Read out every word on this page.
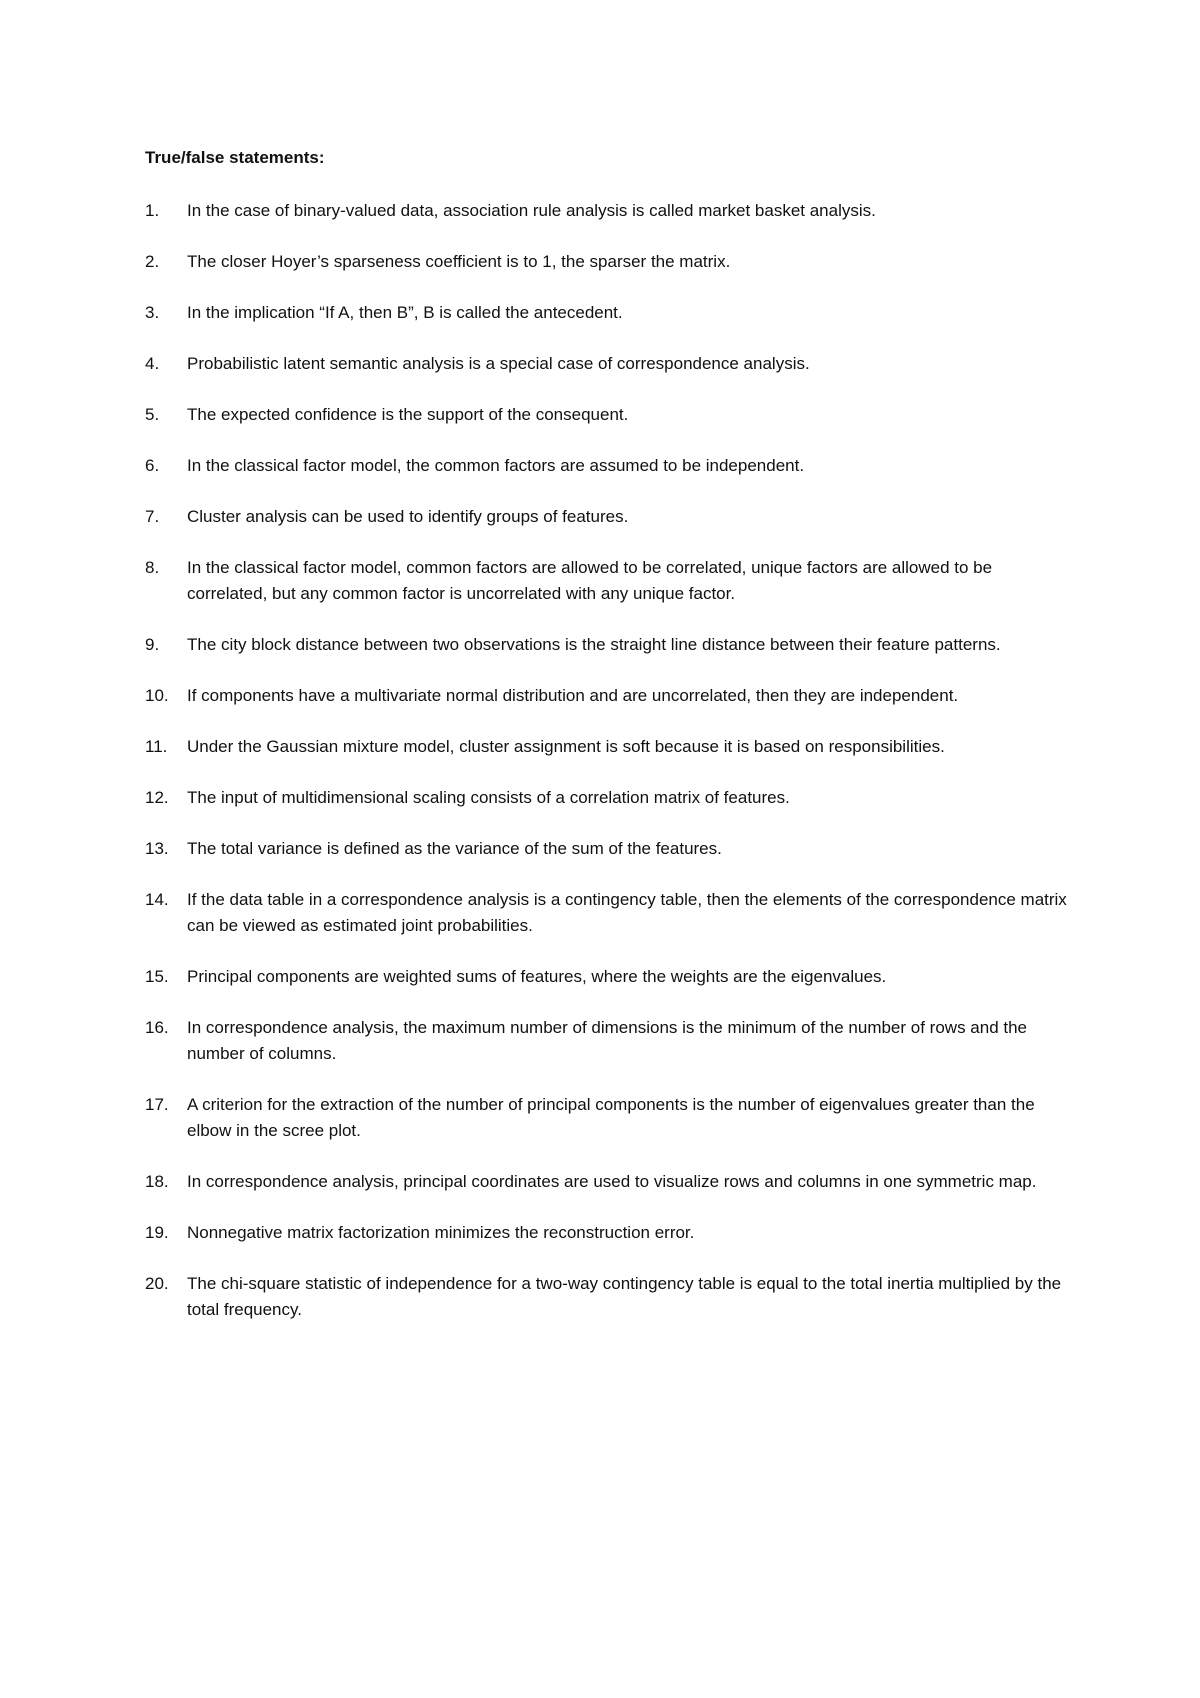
True/false statements:

1.	In the case of binary-valued data, association rule analysis is called market basket analysis.
2.	The closer Hoyer’s sparseness coefficient is to 1, the sparser the matrix.
3.	In the implication “If A, then B”, B is called the antecedent.
4.	Probabilistic latent semantic analysis is a special case of correspondence analysis.
5.	The expected confidence is the support of the consequent.
6.	In the classical factor model, the common factors are assumed to be independent.
7.	Cluster analysis can be used to identify groups of features.
8.	In the classical factor model, common factors are allowed to be correlated, unique factors are allowed to be correlated, but any common factor is uncorrelated with any unique factor.
9.	The city block distance between two observations is the straight line distance between their feature patterns.
10.	If components have a multivariate normal distribution and are uncorrelated, then they are independent.
11.	Under the Gaussian mixture model, cluster assignment is soft because it is based on responsibilities.
12.	The input of multidimensional scaling consists of a correlation matrix of features.
13.	The total variance is defined as the variance of the sum of the features.
14.	If the data table in a correspondence analysis is a contingency table, then the elements of the correspondence matrix can be viewed as estimated joint probabilities.
15.	Principal components are weighted sums of features, where the weights are the eigenvalues.
16.	In correspondence analysis, the maximum number of dimensions is the minimum of the number of rows and the number of columns.
17.	A criterion for the extraction of the number of principal components is the number of eigenvalues greater than the elbow in the scree plot.
18.	In correspondence analysis, principal coordinates are used to visualize rows and columns in one symmetric map.
19.	Nonnegative matrix factorization minimizes the reconstruction error.
20.	The chi-square statistic of independence for a two-way contingency table is equal to the total inertia multiplied by the total frequency.
